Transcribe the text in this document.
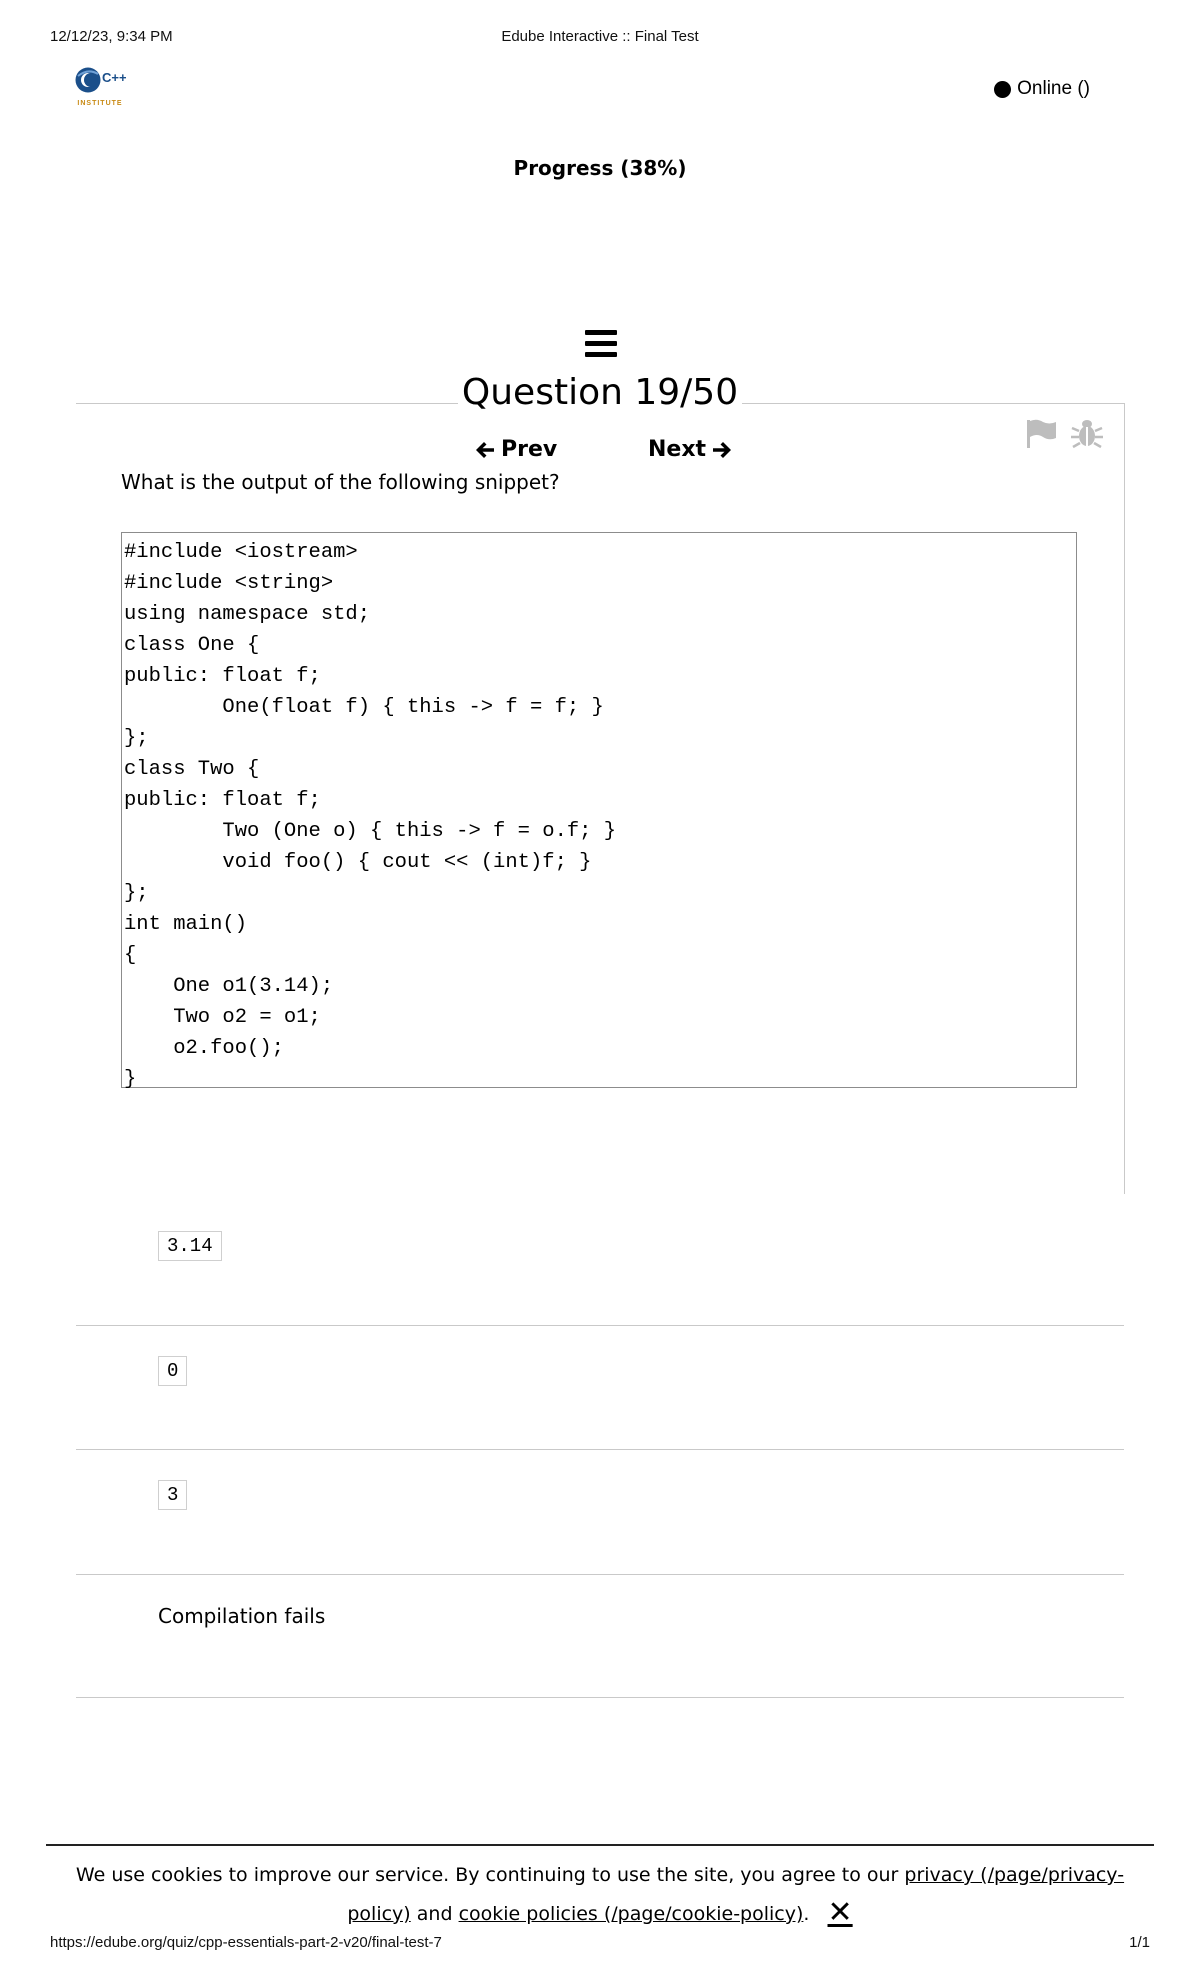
12/12/23, 9:34 PM	Edube Interactive :: Final Test
C++
INSTITUTE
Online ()
Progress (38%)
Question 19/50
Prev	Next
What is the output of the following snippet?
#include <iostream>
#include <string>
using namespace std;
class One {
public: float f;
One(float f) { this -> f = f; }
};
class Two {
public: float f;
Two (One o) { this -> f = o.f; }
void foo() { cout << (int)f; }
};
int main()
{
One o1(3.14);
Two o2 = o1;
o2.foo();
}
3.14
0
3
Compilation fails
We use cookies to improve our service. By continuing to use the site, you agree to our privacy (/page/privacy-policy) and cookie policies (/page/cookie-policy). ✕
https://edube.org/quiz/cpp-essentials-part-2-v20/final-test-7	1/1
